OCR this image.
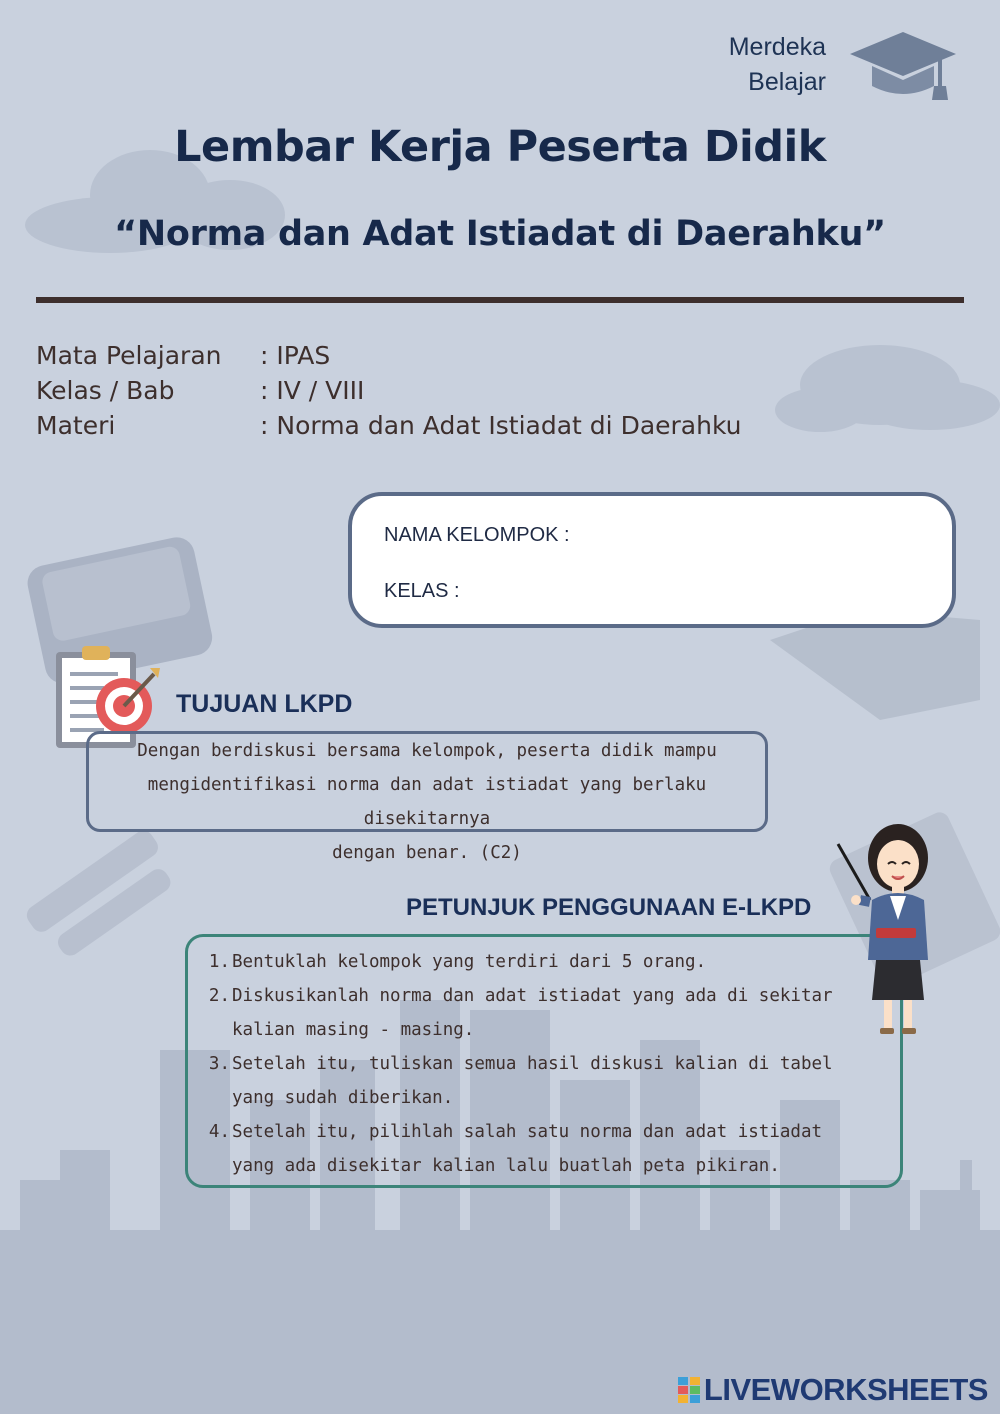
Merdeka
Belajar
Lembar Kerja Peserta Didik
“Norma dan Adat Istiadat di Daerahku”
Mata Pelajaran	: IPAS
Kelas / Bab	: IV / VIII
Materi	: Norma dan Adat Istiadat di Daerahku
NAMA KELOMPOK :
KELAS :
TUJUAN LKPD
Dengan berdiskusi bersama kelompok, peserta didik mampu
mengidentifikasi norma dan adat istiadat yang berlaku disekitarnya
dengan benar. (C2)
PETUNJUK PENGGUNAAN E-LKPD
1. Bentuklah kelompok yang terdiri dari 5 orang.
2. Diskusikanlah norma dan adat istiadat yang ada di sekitar kalian masing - masing.
3. Setelah itu, tuliskan semua hasil diskusi kalian di tabel yang sudah diberikan.
4. Setelah itu, pilihlah salah satu norma dan adat istiadat yang ada disekitar kalian lalu buatlah peta pikiran.
LIVEWORKSHEETS
